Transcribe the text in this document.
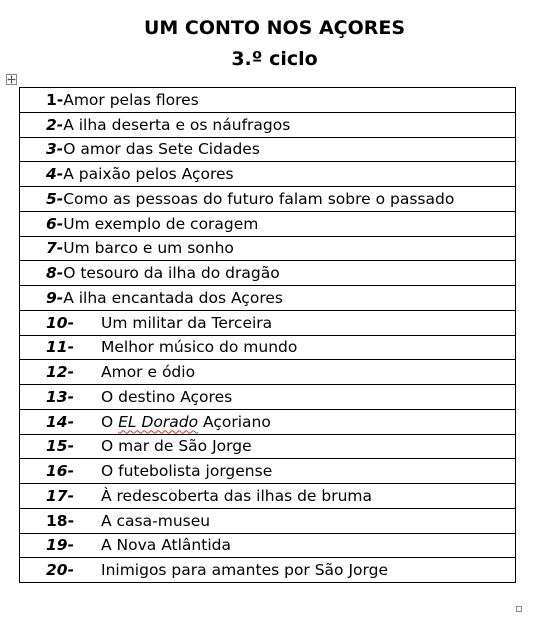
UM CONTO NOS AÇORES
3.º ciclo
1-Amor pelas flores
2-A ilha deserta e os náufragos
3-O amor das Sete Cidades
4-A paixão pelos Açores
5-Como as pessoas do futuro falam sobre o passado
6-Um exemplo de coragem
7-Um barco e um sonho
8-O tesouro da ilha do dragão
9-A ilha encantada dos Açores
10- Um militar da Terceira
11- Melhor músico do mundo
12- Amor e ódio
13- O destino Açores
14- O EL Dorado Açoriano
15- O mar de São Jorge
16- O futebolista jorgense
17- À redescoberta das ilhas de bruma
18- A casa-museu
19- A Nova Atlântida
20- Inimigos para amantes por São Jorge
